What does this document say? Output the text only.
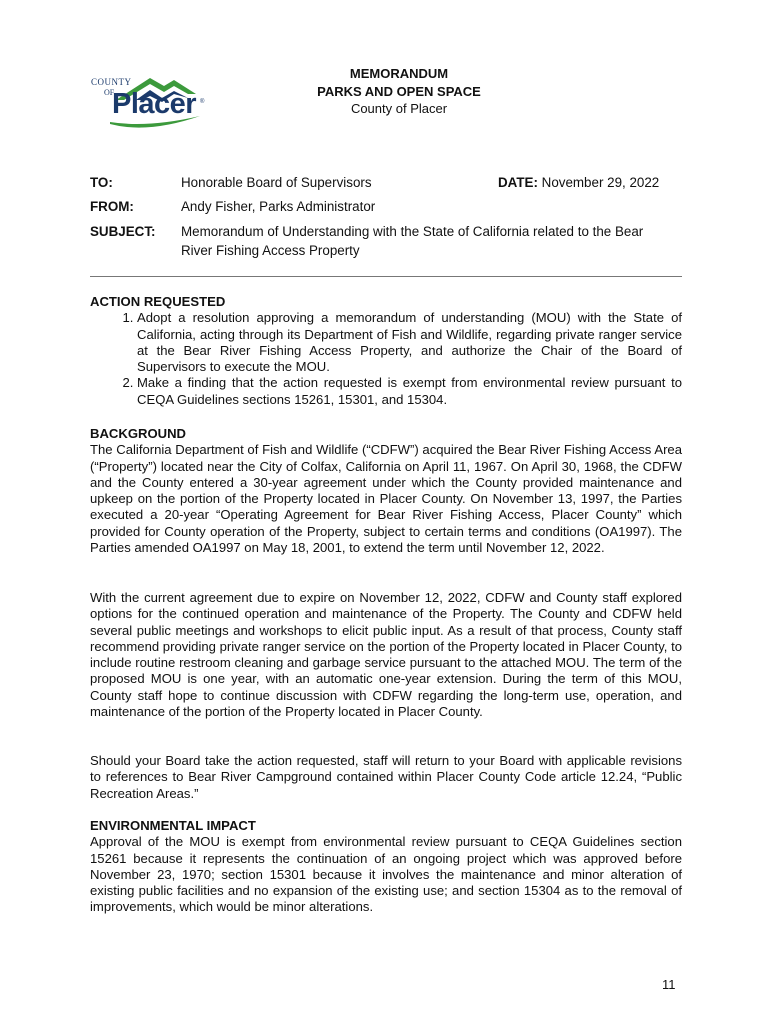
COUNTY
OF
Placer ®
MEMORANDUM
PARKS AND OPEN SPACE
County of Placer
TO:	Honorable Board of Supervisors	DATE: November 29, 2022
FROM:	Andy Fisher, Parks Administrator
SUBJECT: Memorandum of Understanding with the State of California related to the Bear River Fishing Access Property
ACTION REQUESTED
1. Adopt a resolution approving a memorandum of understanding (MOU) with the State of California, acting through its Department of Fish and Wildlife, regarding private ranger service at the Bear River Fishing Access Property, and authorize the Chair of the Board of Supervisors to execute the MOU.
2. Make a finding that the action requested is exempt from environmental review pursuant to CEQA Guidelines sections 15261, 15301, and 15304.
BACKGROUND

The California Department of Fish and Wildlife (“CDFW”) acquired the Bear River Fishing Access Area (“Property”) located near the City of Colfax, California on April 11, 1967. On April 30, 1968, the CDFW and the County entered a 30-year agreement under which the County provided maintenance and upkeep on the portion of the Property located in Placer County. On November 13, 1997, the Parties executed a 20-year “Operating Agreement for Bear River Fishing Access, Placer County” which provided for County operation of the Property, subject to certain terms and conditions (OA1997). The Parties amended OA1997 on May 18, 2001, to extend the term until November 12, 2022.

With the current agreement due to expire on November 12, 2022, CDFW and County staff explored options for the continued operation and maintenance of the Property. The County and CDFW held several public meetings and workshops to elicit public input. As a result of that process, County staff recommend providing private ranger service on the portion of the Property located in Placer County, to include routine restroom cleaning and garbage service pursuant to the attached MOU. The term of the proposed MOU is one year, with an automatic one-year extension. During the term of this MOU, County staff hope to continue discussion with CDFW regarding the long-term use, operation, and maintenance of the portion of the Property located in Placer County.

Should your Board take the action requested, staff will return to your Board with applicable revisions to references to Bear River Campground contained within Placer County Code article 12.24, “Public Recreation Areas.”

ENVIRONMENTAL IMPACT

Approval of the MOU is exempt from environmental review pursuant to CEQA Guidelines section 15261 because it represents the continuation of an ongoing project which was approved before November 23, 1970; section 15301 because it involves the maintenance and minor alteration of existing public facilities and no expansion of the existing use; and section 15304 as to the removal of improvements, which would be minor alterations.

11
